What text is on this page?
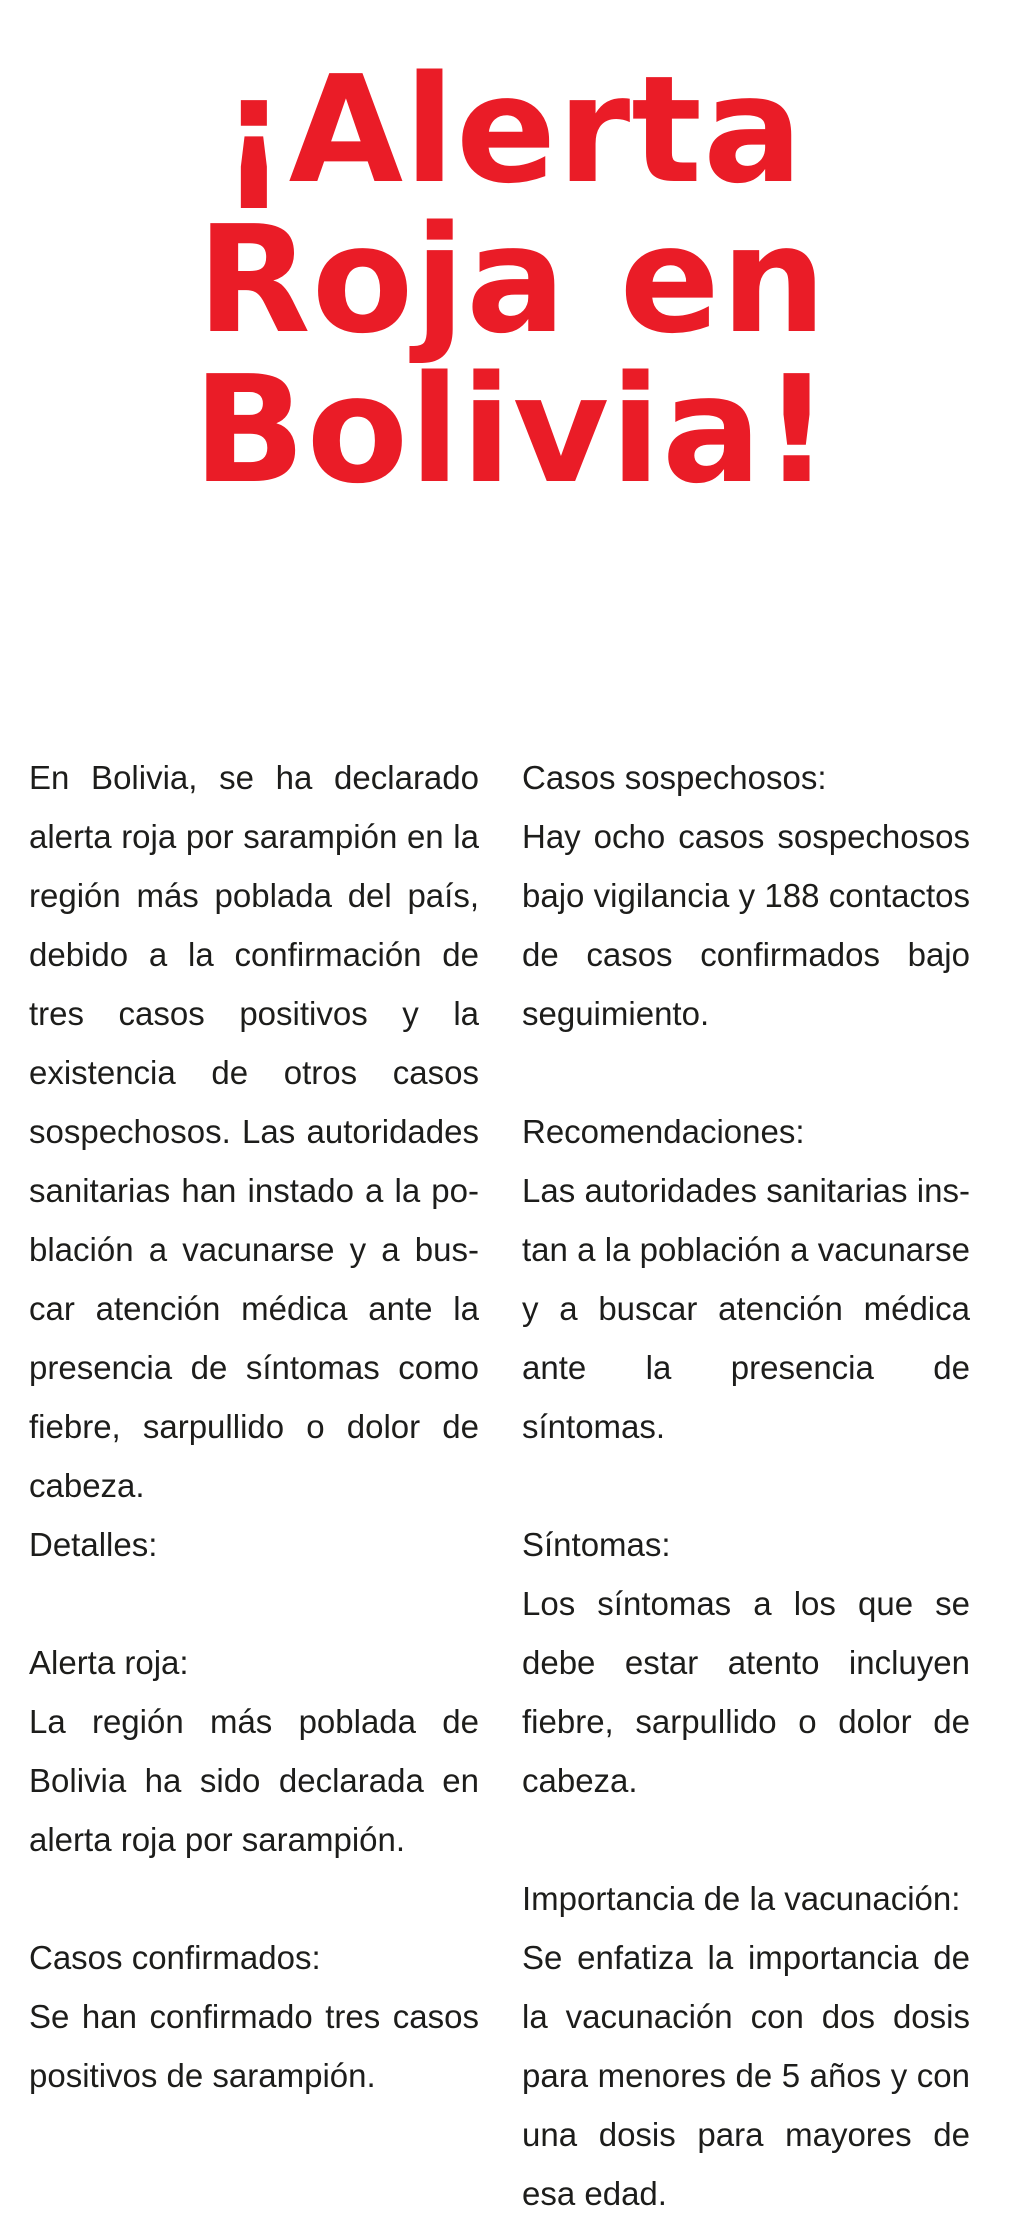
¡Alerta
Roja en
Bolivia!

En Bolivia, se ha declarado alerta roja por sarampión en la región más poblada del país, debido a la confirmación de tres casos positivos y la existencia de otros casos sospechosos. Las autoridades sanitarias han instado a la población a vacunarse y a buscar atención médica ante la presencia de síntomas como fiebre, sarpullido o dolor de cabeza.

Detalles:

Alerta roja:

La región más poblada de Bolivia ha sido declarada en alerta roja por sarampión.

Casos confirmados:

Se han confirmado tres casos positivos de sarampión.

Casos sospechosos:

Hay ocho casos sospechosos bajo vigilancia y 188 contactos de casos confirmados bajo seguimiento.

Recomendaciones:

Las autoridades sanitarias instan a la población a vacunarse y a buscar atención médica ante la presencia de síntomas.

Síntomas:

Los síntomas a los que se debe estar atento incluyen fiebre, sarpullido o dolor de cabeza.

Importancia de la vacunación:

Se enfatiza la importancia de la vacunación con dos dosis para menores de 5 años y con una dosis para mayores de esa edad.
